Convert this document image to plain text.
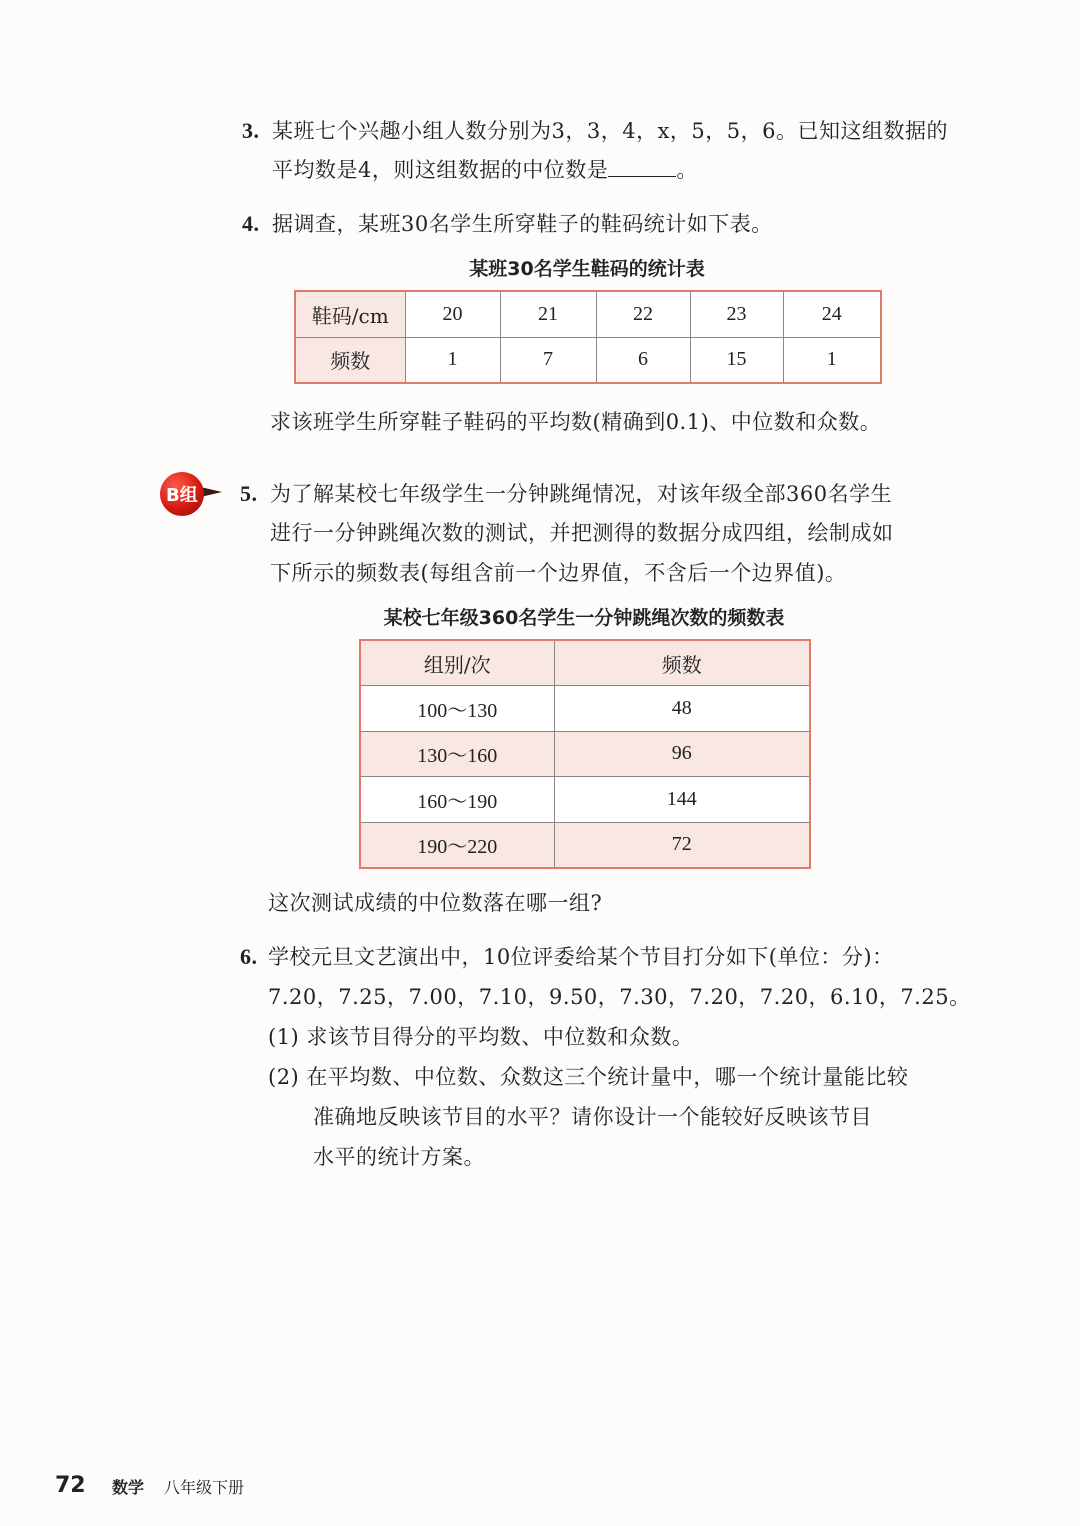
3. 某班七个兴趣小组人数分别为3，3，4，x，5，5，6。已知这组数据的
平均数是4，则这组数据的中位数是	。
4. 据调查，某班30名学生所穿鞋子的鞋码统计如下表。
某班30名学生鞋码的统计表
鞋码/cm	20	21	22	23	24
频数	1	7	6	15	1
求该班学生所穿鞋子鞋码的平均数(精确到0.1)、中位数和众数。
B组 5. 为了解某校七年级学生一分钟跳绳情况，对该年级全部360名学生
进行一分钟跳绳次数的测试，并把测得的数据分成四组，绘制成如
下所示的频数表(每组含前一个边界值，不含后一个边界值)。
某校七年级360名学生一分钟跳绳次数的频数表
组别/次	频数
100～130	48
130～160	96
160～190	144
190～220	72
这次测试成绩的中位数落在哪一组?
6. 学校元旦文艺演出中，10位评委给某个节目打分如下(单位：分)：
7.20，7.25，7.00，7.10，9.50，7.30，7.20，7.20，6.10，7.25。
(1) 求该节目得分的平均数、中位数和众数。
(2) 在平均数、中位数、众数这三个统计量中，哪一个统计量能比较
准确地反映该节目的水平？请你设计一个能较好反映该节目
水平的统计方案。
72 数学 八年级下册
